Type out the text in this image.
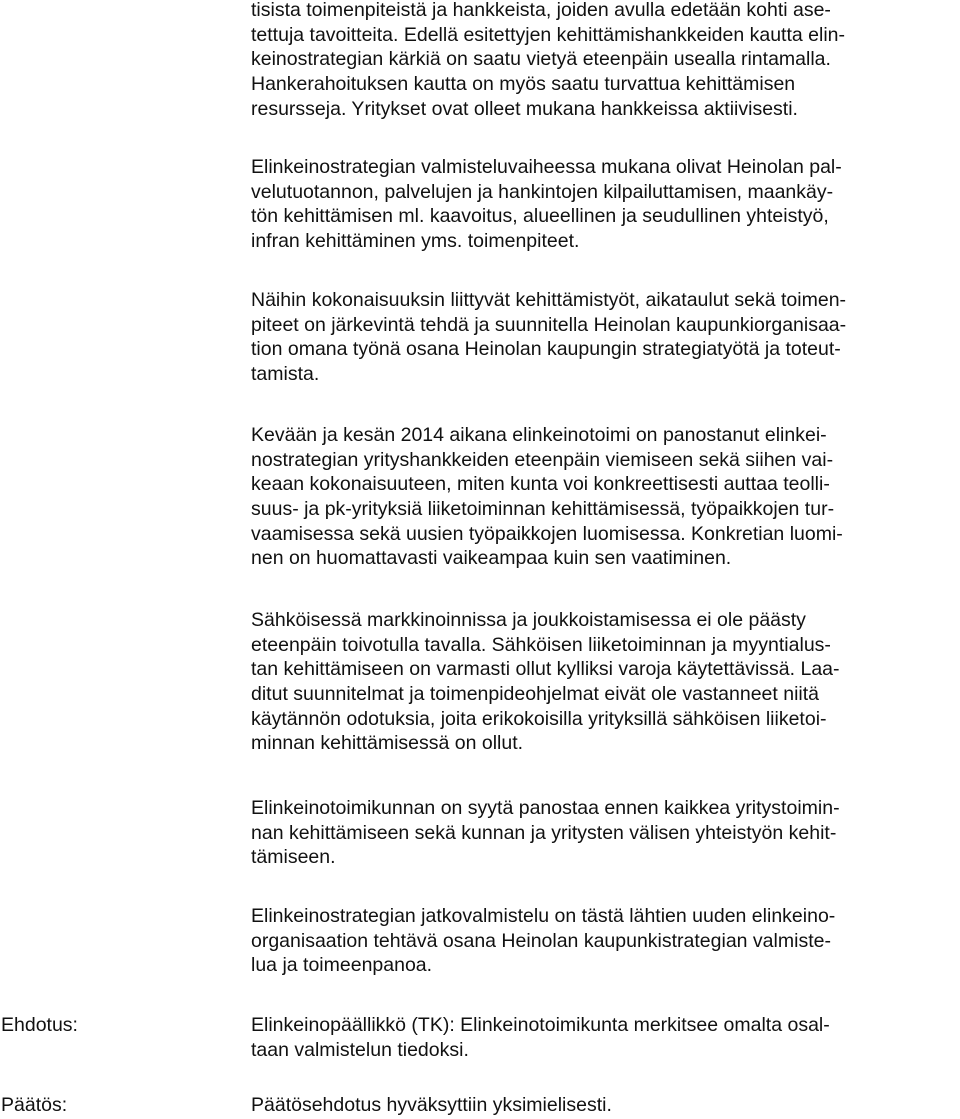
tisista toimenpiteistä ja hankkeista, joiden avulla edetään kohti ase-
tettuja tavoitteita. Edellä esitettyjen kehittämishankkeiden kautta elin-
keinostrategian kärkiä on saatu vietyä eteenpäin usealla rintamalla.
Hankerahoituksen kautta on myös saatu turvattua kehittämisen
resursseja. Yritykset ovat olleet mukana hankkeissa aktiivisesti.
Elinkeinostrategian valmisteluvaiheessa mukana olivat Heinolan pal-
velutuotannon, palvelujen ja hankintojen kilpailuttamisen, maankäy-
tön kehittämisen ml. kaavoitus, alueellinen ja seudullinen yhteistyö,
infran kehittäminen yms. toimenpiteet.
Näihin kokonaisuuksin liittyvät kehittämistyöt, aikataulut sekä toimen-
piteet on järkevintä tehdä ja suunnitella Heinolan kaupunkiorganisaa-
tion omana työnä osana Heinolan kaupungin strategiatyötä ja toteut-
tamista.
Kevään ja kesän 2014 aikana elinkeinotoimi on panostanut elinkei-
nostrategian yrityshankkeiden eteenpäin viemiseen sekä siihen vai-
keaan kokonaisuuteen, miten kunta voi konkreettisesti auttaa teolli-
suus- ja pk-yrityksiä liiketoiminnan kehittämisessä, työpaikkojen tur-
vaamisessa sekä uusien työpaikkojen luomisessa. Konkretian luomi-
nen on huomattavasti vaikeampaa kuin sen vaatiminen.
Sähköisessä markkinoinnissa ja joukkoistamisessa ei ole päästy
eteenpäin toivotulla tavalla. Sähköisen liiketoiminnan ja myyntialus-
tan kehittämiseen on varmasti ollut kylliksi varoja käytettävissä. Laa-
ditut suunnitelmat ja toimenpideohjelmat eivät ole vastanneet niitä
käytännön odotuksia, joita erikokoisilla yrityksillä sähköisen liiketoi-
minnan kehittämisessä on ollut.
Elinkeinotoimikunnan on syytä panostaa ennen kaikkea yritystoimin-
nan kehittämiseen sekä kunnan ja yritysten välisen yhteistyön kehit-
tämiseen.
Elinkeinostrategian jatkovalmistelu on tästä lähtien uuden elinkeino-
organisaation tehtävä osana Heinolan kaupunkistrategian valmiste-
lua ja toimeenpanoa.
Ehdotus:	Elinkeinopäällikkö (TK): Elinkeinotoimikunta merkitsee omalta osal-
taan valmistelun tiedoksi.
Päätös:	Päätösehdotus hyväksyttiin yksimielisesti.
